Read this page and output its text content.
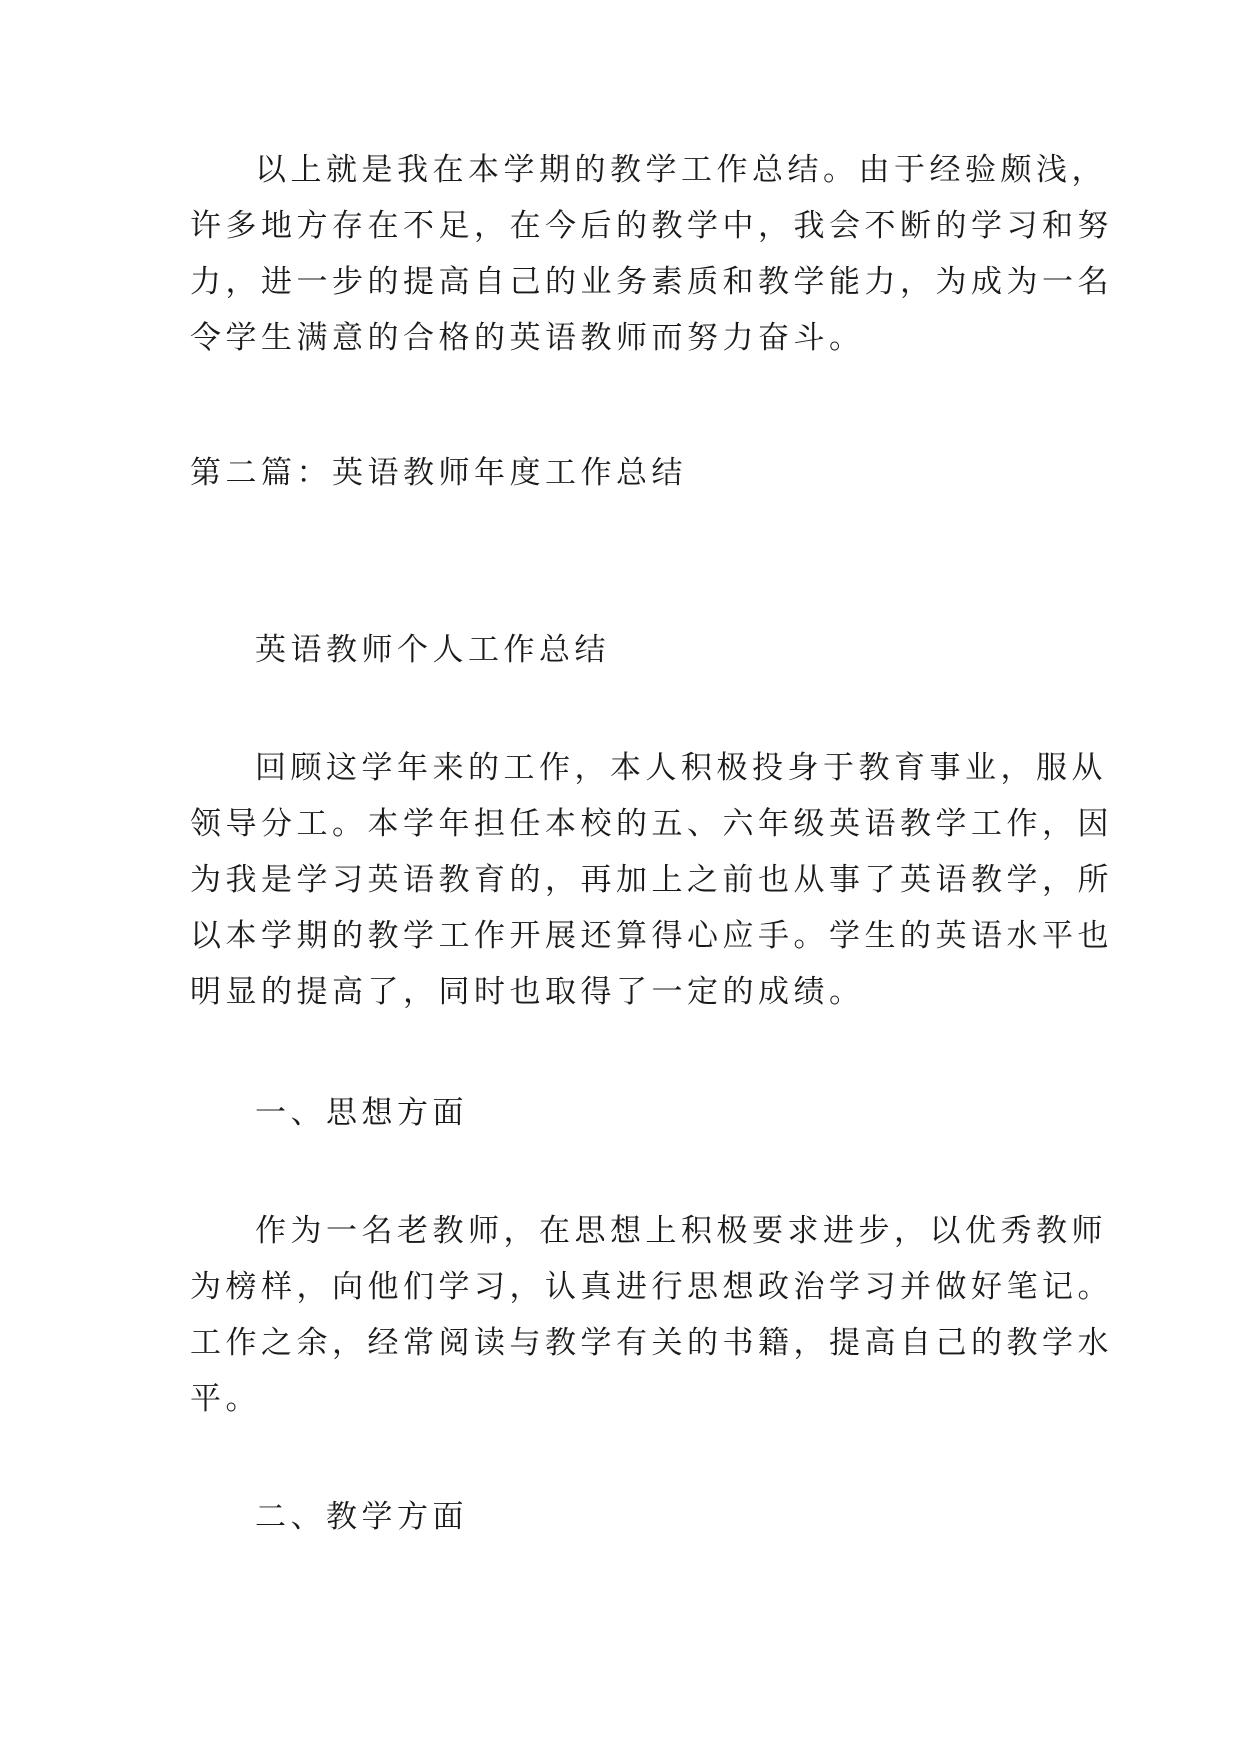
以上就是我在本学期的教学工作总结。由于经验颇浅，
许多地方存在不足，在今后的教学中，我会不断的学习和努
力，进一步的提高自己的业务素质和教学能力，为成为一名
令学生满意的合格的英语教师而努力奋斗。
第二篇：英语教师年度工作总结
英语教师个人工作总结
回顾这学年来的工作，本人积极投身于教育事业，服从
领导分工。本学年担任本校的五、六年级英语教学工作，因
为我是学习英语教育的，再加上之前也从事了英语教学，所
以本学期的教学工作开展还算得心应手。学生的英语水平也
明显的提高了，同时也取得了一定的成绩。
一、思想方面
作为一名老教师，在思想上积极要求进步，以优秀教师
为榜样，向他们学习，认真进行思想政治学习并做好笔记。
工作之余，经常阅读与教学有关的书籍，提高自己的教学水
平。
二、教学方面
